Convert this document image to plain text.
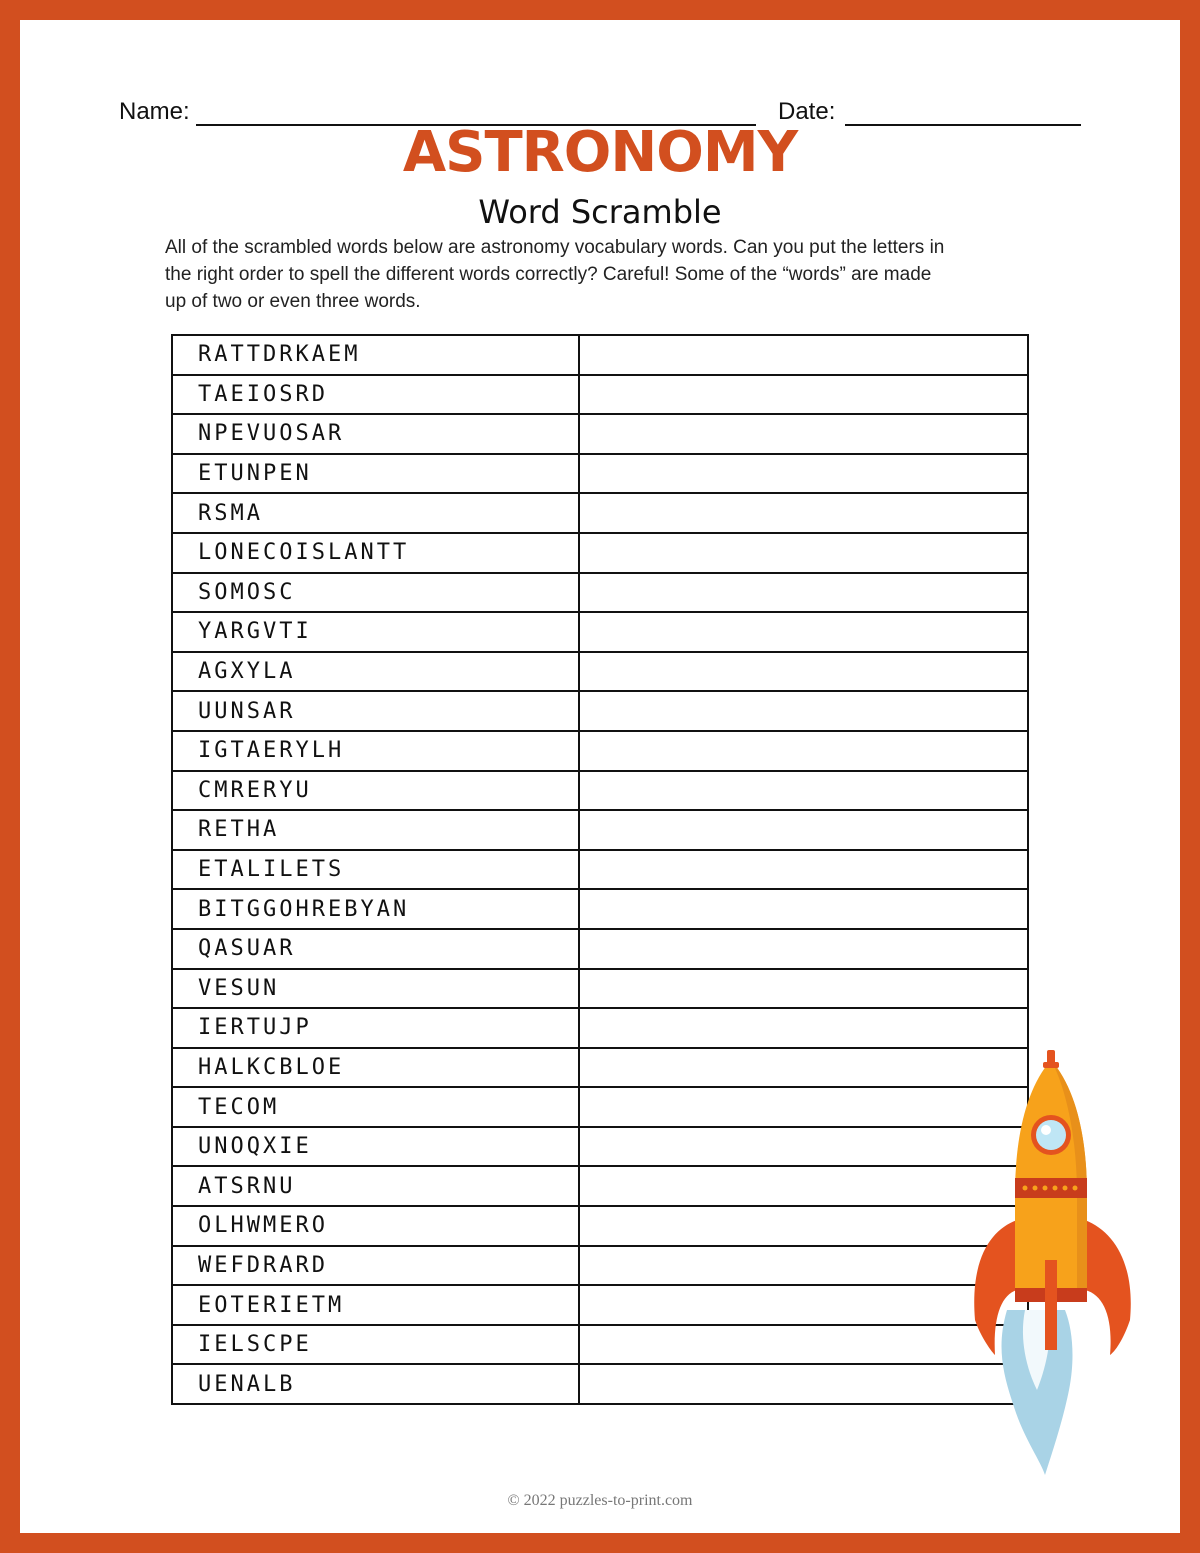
Name:	Date:
ASTRONOMY
Word Scramble
All of the scrambled words below are astronomy vocabulary words. Can you put the letters in
the right order to spell the different words correctly? Careful! Some of the “words” are made
up of two or even three words.
RATTDRKAEM	
TAEIOSRD	
NPEVUOSAR	
ETUNPEN	
RSMA	
LONECOISLANTT	
SOMOSC	
YARGVTI	
AGXYLA	
UUNSAR	
IGTAERYLH	
CMRERYU	
RETHA	
ETALILETS	
BITGGOHREBYAN	
QASUAR	
VESUN	
IERTUJP	
HALKCBLOE	
TECOM	
UNOQXIE	
ATSRNU	
OLHWMERO	
WEFDRARD	
EOTERIETM	
IELSCPE	
UENALB	
© 2022 puzzles-to-print.com
